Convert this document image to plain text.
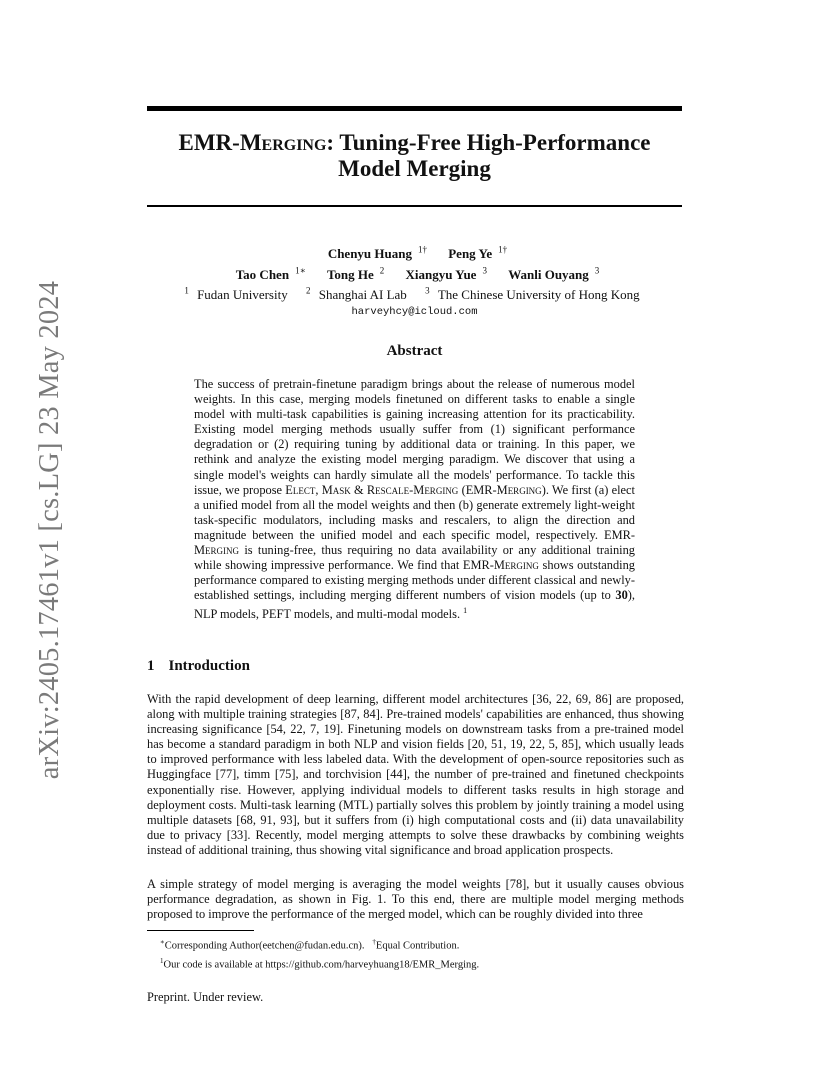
arXiv:2405.17461v1 [cs.LG] 23 May 2024
EMR-Merging: Tuning-Free High-Performance
Model Merging
Chenyu Huang $^{1\dagger}$ Peng Ye $^{1\dagger}$
Tao Chen $^{1∗}$ Tong He $^2$ Xiangyu Yue $^3$ Wanli Ouyang $^3$
$^1$ Fudan University $^2$ Shanghai AI Lab $^3$ The Chinese University of Hong Kong
harveyhcy@icloud.com
Abstract
The success of pretrain-finetune paradigm brings about the release of numerous model weights. In this case, merging models finetuned on different tasks to enable a single model with multi-task capabilities is gaining increasing attention for its practicability. Existing model merging methods usually suffer from (1) significant performance degradation or (2) requiring tuning by additional data or training. In this paper, we rethink and analyze the existing model merging paradigm. We discover that using a single model's weights can hardly simulate all the models' performance. To tackle this issue, we propose Elect, Mask & Rescale-Merging (EMR-Merging). We first (a) elect a unified model from all the model weights and then (b) generate extremely light-weight task-specific modulators, including masks and rescalers, to align the direction and magnitude between the unified model and each specific model, respectively. EMR-Merging is tuning-free, thus requiring no data availability or any additional training while showing impressive performance. We find that EMR-Merging shows outstanding performance compared to existing merging methods under different classical and newly-established settings, including merging different numbers of vision models (up to 30), NLP models, PEFT models, and multi-modal models. $^1$
1 Introduction
With the rapid development of deep learning, different model architectures [36, 22, 69, 86] are proposed, along with multiple training strategies [87, 84]. Pre-trained models' capabilities are enhanced, thus showing increasing significance [54, 22, 7, 19]. Finetuning models on downstream tasks from a pre-trained model has become a standard paradigm in both NLP and vision fields [20, 51, 19, 22, 5, 85], which usually leads to improved performance with less labeled data. With the development of open-source repositories such as Huggingface [77], timm [75], and torchvision [44], the number of pre-trained and finetuned checkpoints exponentially rise. However, applying individual models to different tasks results in high storage and deployment costs. Multi-task learning (MTL) partially solves this problem by jointly training a model using multiple datasets [68, 91, 93], but it suffers from (i) high computational costs and (ii) data unavailability due to privacy [33]. Recently, model merging attempts to solve these drawbacks by combining weights instead of additional training, thus showing vital significance and broad application prospects.
A simple strategy of model merging is averaging the model weights [78], but it usually causes obvious performance degradation, as shown in Fig. 1. To this end, there are multiple model merging methods proposed to improve the performance of the merged model, which can be roughly divided into three
∗Corresponding Author(eetchen@fudan.edu.cn). †Equal Contribution.
$^1$Our code is available at https://github.com/harveyhuang18/EMR_Merging.
Preprint. Under review.
